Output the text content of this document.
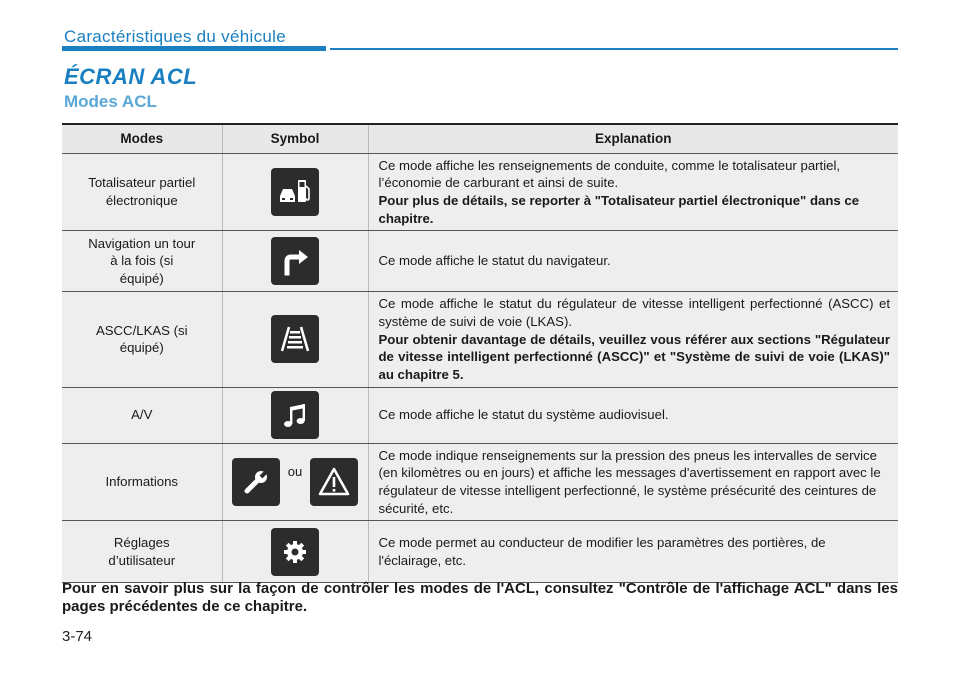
Caractéristiques du véhicule
ÉCRAN ACL
Modes ACL
Modes	Symbol	Explanation
Totalisateur partiel électronique		Ce mode affiche les renseignements de conduite, comme le totalisateur partiel, l’économie de carburant et ainsi de suite.
Pour plus de détails, se reporter à "Totalisateur partiel électronique" dans ce chapitre.

Navigation un tour à la fois (si équipé)		Ce mode affiche le statut du navigateur.
ASCC/LKAS (si équipé)		Ce mode affiche le statut du régulateur de vitesse intelligent perfectionné (ASCC) et système de suivi de voie (LKAS).
Pour obtenir davantage de détails, veuillez vous référer aux sections "Régulateur de vitesse intelligent perfectionné (ASCC)" et "Système de suivi de voie (LKAS)" au chapitre 5.

A/V		Ce mode affiche le statut du système audiovisuel.
Informations	ou	Ce mode indique renseignements sur la pression des pneus les intervalles de service (en kilomètres ou en jours) et affiche les messages d'avertissement en rapport avec le régulateur de vitesse intelligent perfectionné, le système présécurité des ceintures de sécurité, etc.
Réglages d’utilisateur		Ce mode permet au conducteur de modifier les paramètres des portières, de l'éclairage, etc.
Pour en savoir plus sur la façon de contrôler les modes de l'ACL, consultez "Contrôle de l'affichage ACL" dans les pages précédentes de ce chapitre.
3-74
